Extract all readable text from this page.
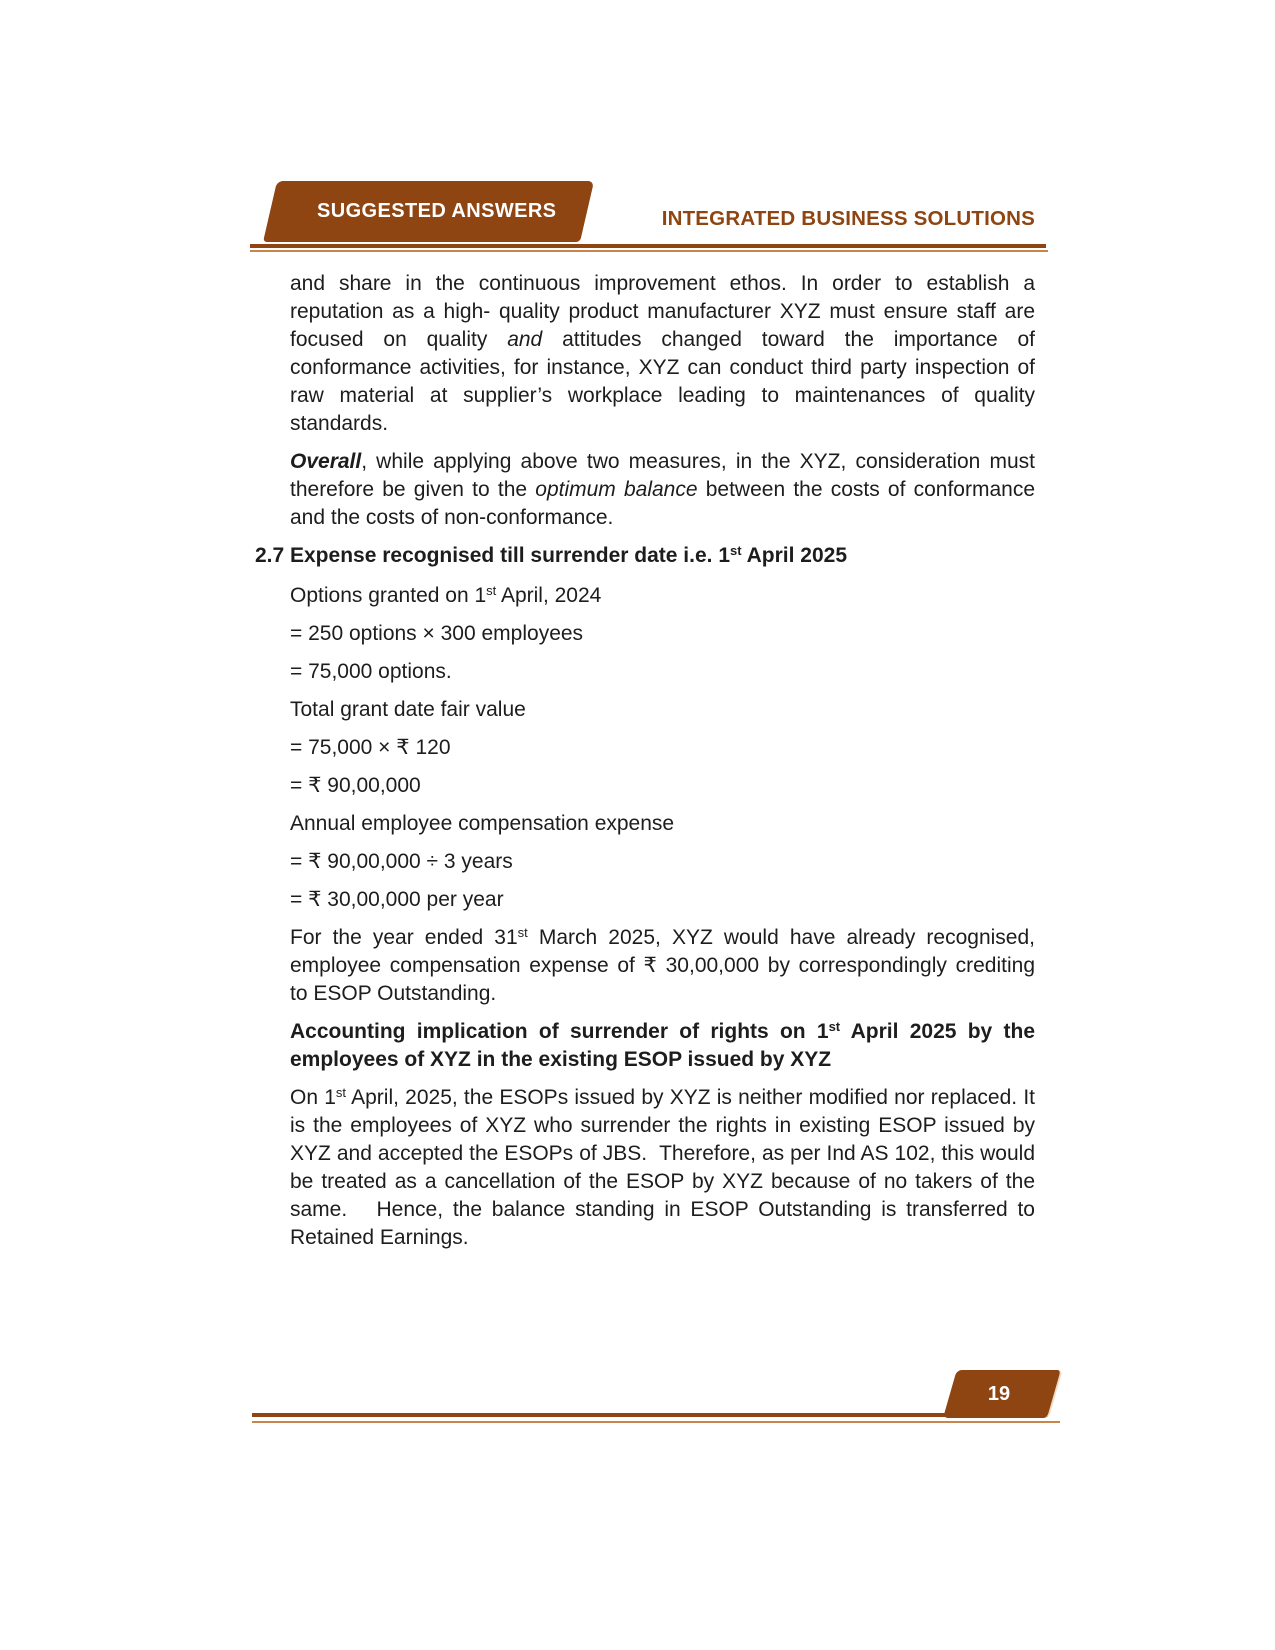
SUGGESTED ANSWERS	INTEGRATED BUSINESS SOLUTIONS

and share in the continuous improvement ethos. In order to establish a reputation as a high- quality product manufacturer XYZ must ensure staff are focused on quality and attitudes changed toward the importance of conformance activities, for instance, XYZ can conduct third party inspection of raw material at supplier’s workplace leading to maintenances of quality standards.

Overall, while applying above two measures, in the XYZ, consideration must therefore be given to the optimum balance between the costs of conformance and the costs of non-conformance.

2.7 Expense recognised till surrender date i.e. 1st April 2025

Options granted on 1st April, 2024

= 250 options × 300 employees

= 75,000 options.

Total grant date fair value

= 75,000 × ₹ 120

= ₹ 90,00,000

Annual employee compensation expense

= ₹ 90,00,000 ÷ 3 years

= ₹ 30,00,000 per year

For the year ended 31st March 2025, XYZ would have already recognised, employee compensation expense of ₹ 30,00,000 by correspondingly crediting to ESOP Outstanding.

Accounting implication of surrender of rights on 1st April 2025 by the employees of XYZ in the existing ESOP issued by XYZ

On 1st April, 2025, the ESOPs issued by XYZ is neither modified nor replaced. It is the employees of XYZ who surrender the rights in existing ESOP issued by XYZ and accepted the ESOPs of JBS.  Therefore, as per Ind AS 102, this would be treated as a cancellation of the ESOP by XYZ because of no takers of the same.   Hence, the balance standing in ESOP Outstanding is transferred to Retained Earnings.

19
